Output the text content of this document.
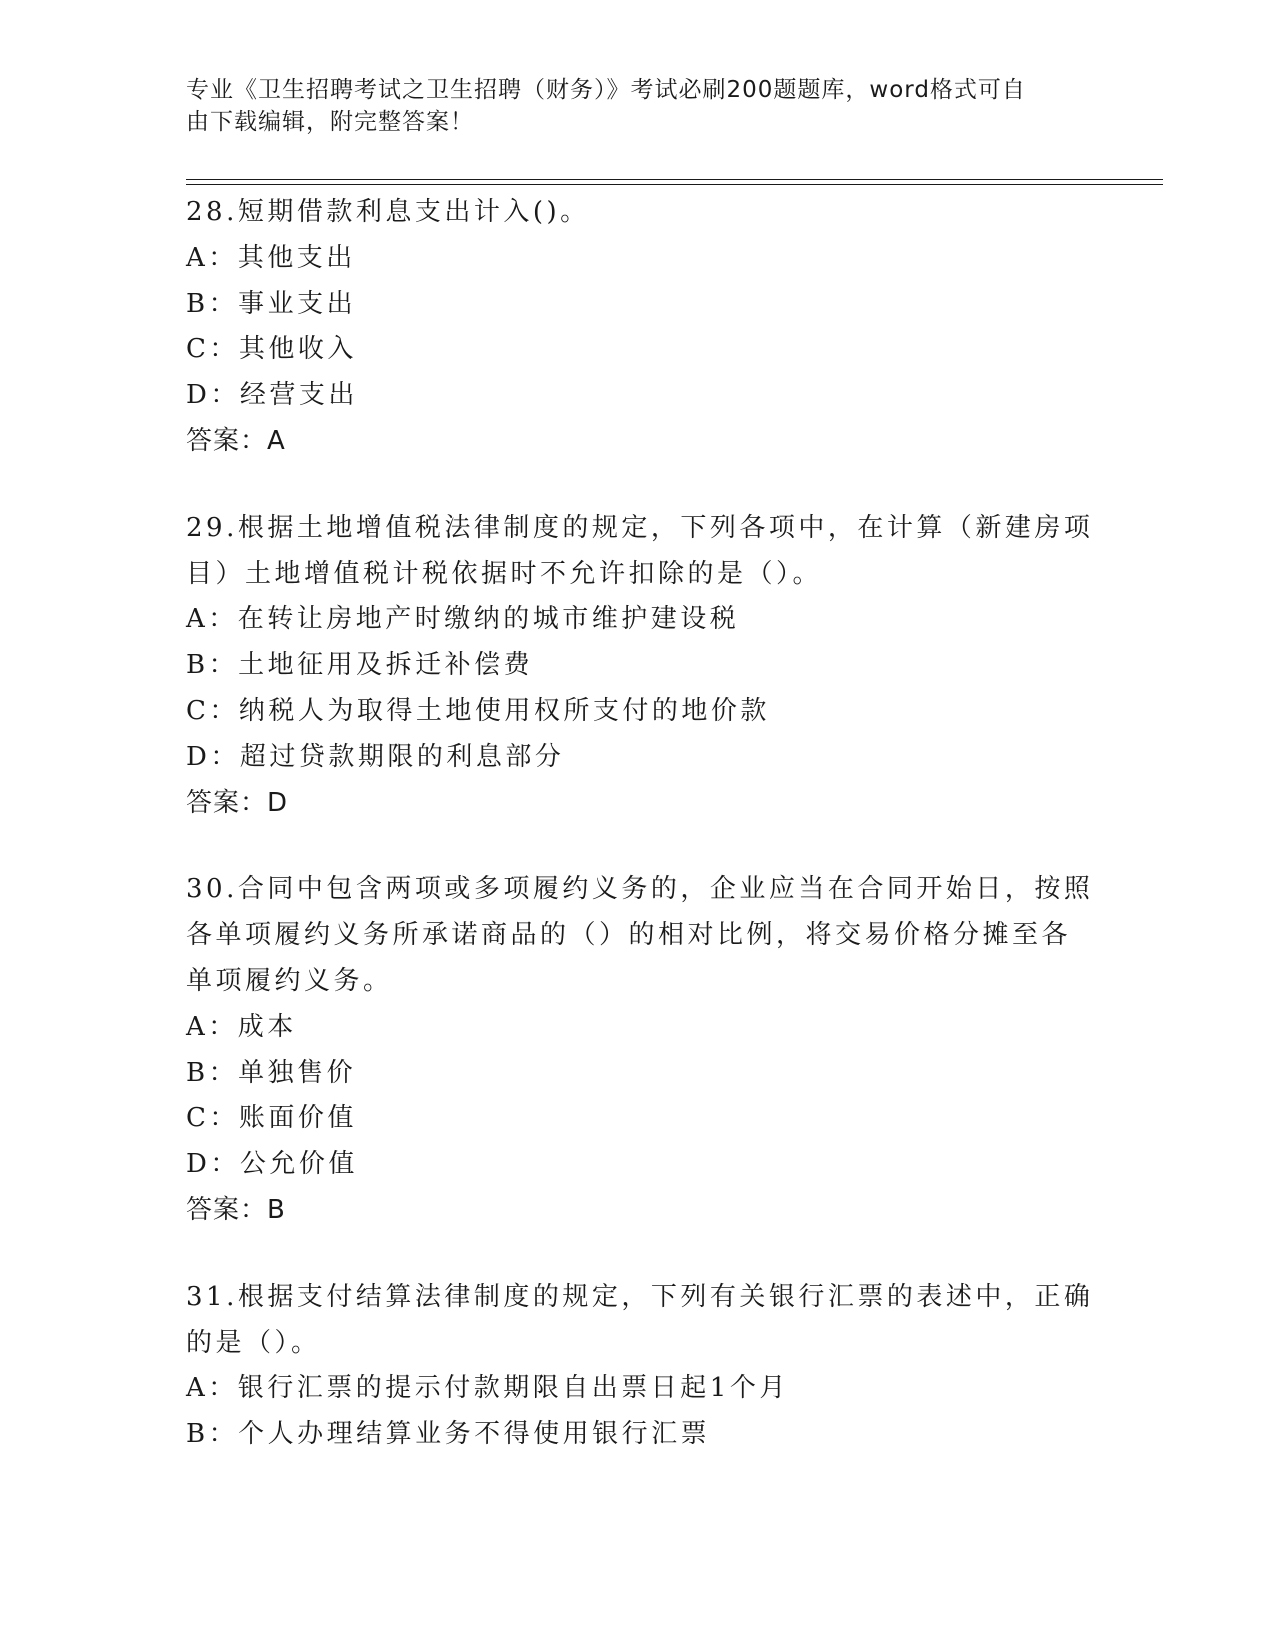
专业《卫生招聘考试之卫生招聘（财务）》考试必刷200题题库，word格式可自
由下载编辑，附完整答案！
28.短期借款利息支出计入()。
A：其他支出
B：事业支出
C：其他收入
D：经营支出
答案：A
29.根据土地增值税法律制度的规定，下列各项中，在计算（新建房项
目）土地增值税计税依据时不允许扣除的是（）。
A：在转让房地产时缴纳的城市维护建设税
B：土地征用及拆迁补偿费
C：纳税人为取得土地使用权所支付的地价款
D：超过贷款期限的利息部分
答案：D
30.合同中包含两项或多项履约义务的，企业应当在合同开始日，按照
各单项履约义务所承诺商品的（）的相对比例，将交易价格分摊至各
单项履约义务。
A：成本
B：单独售价
C：账面价值
D：公允价值
答案：B
31.根据支付结算法律制度的规定，下列有关银行汇票的表述中，正确
的是（）。
A：银行汇票的提示付款期限自出票日起1个月
B：个人办理结算业务不得使用银行汇票
